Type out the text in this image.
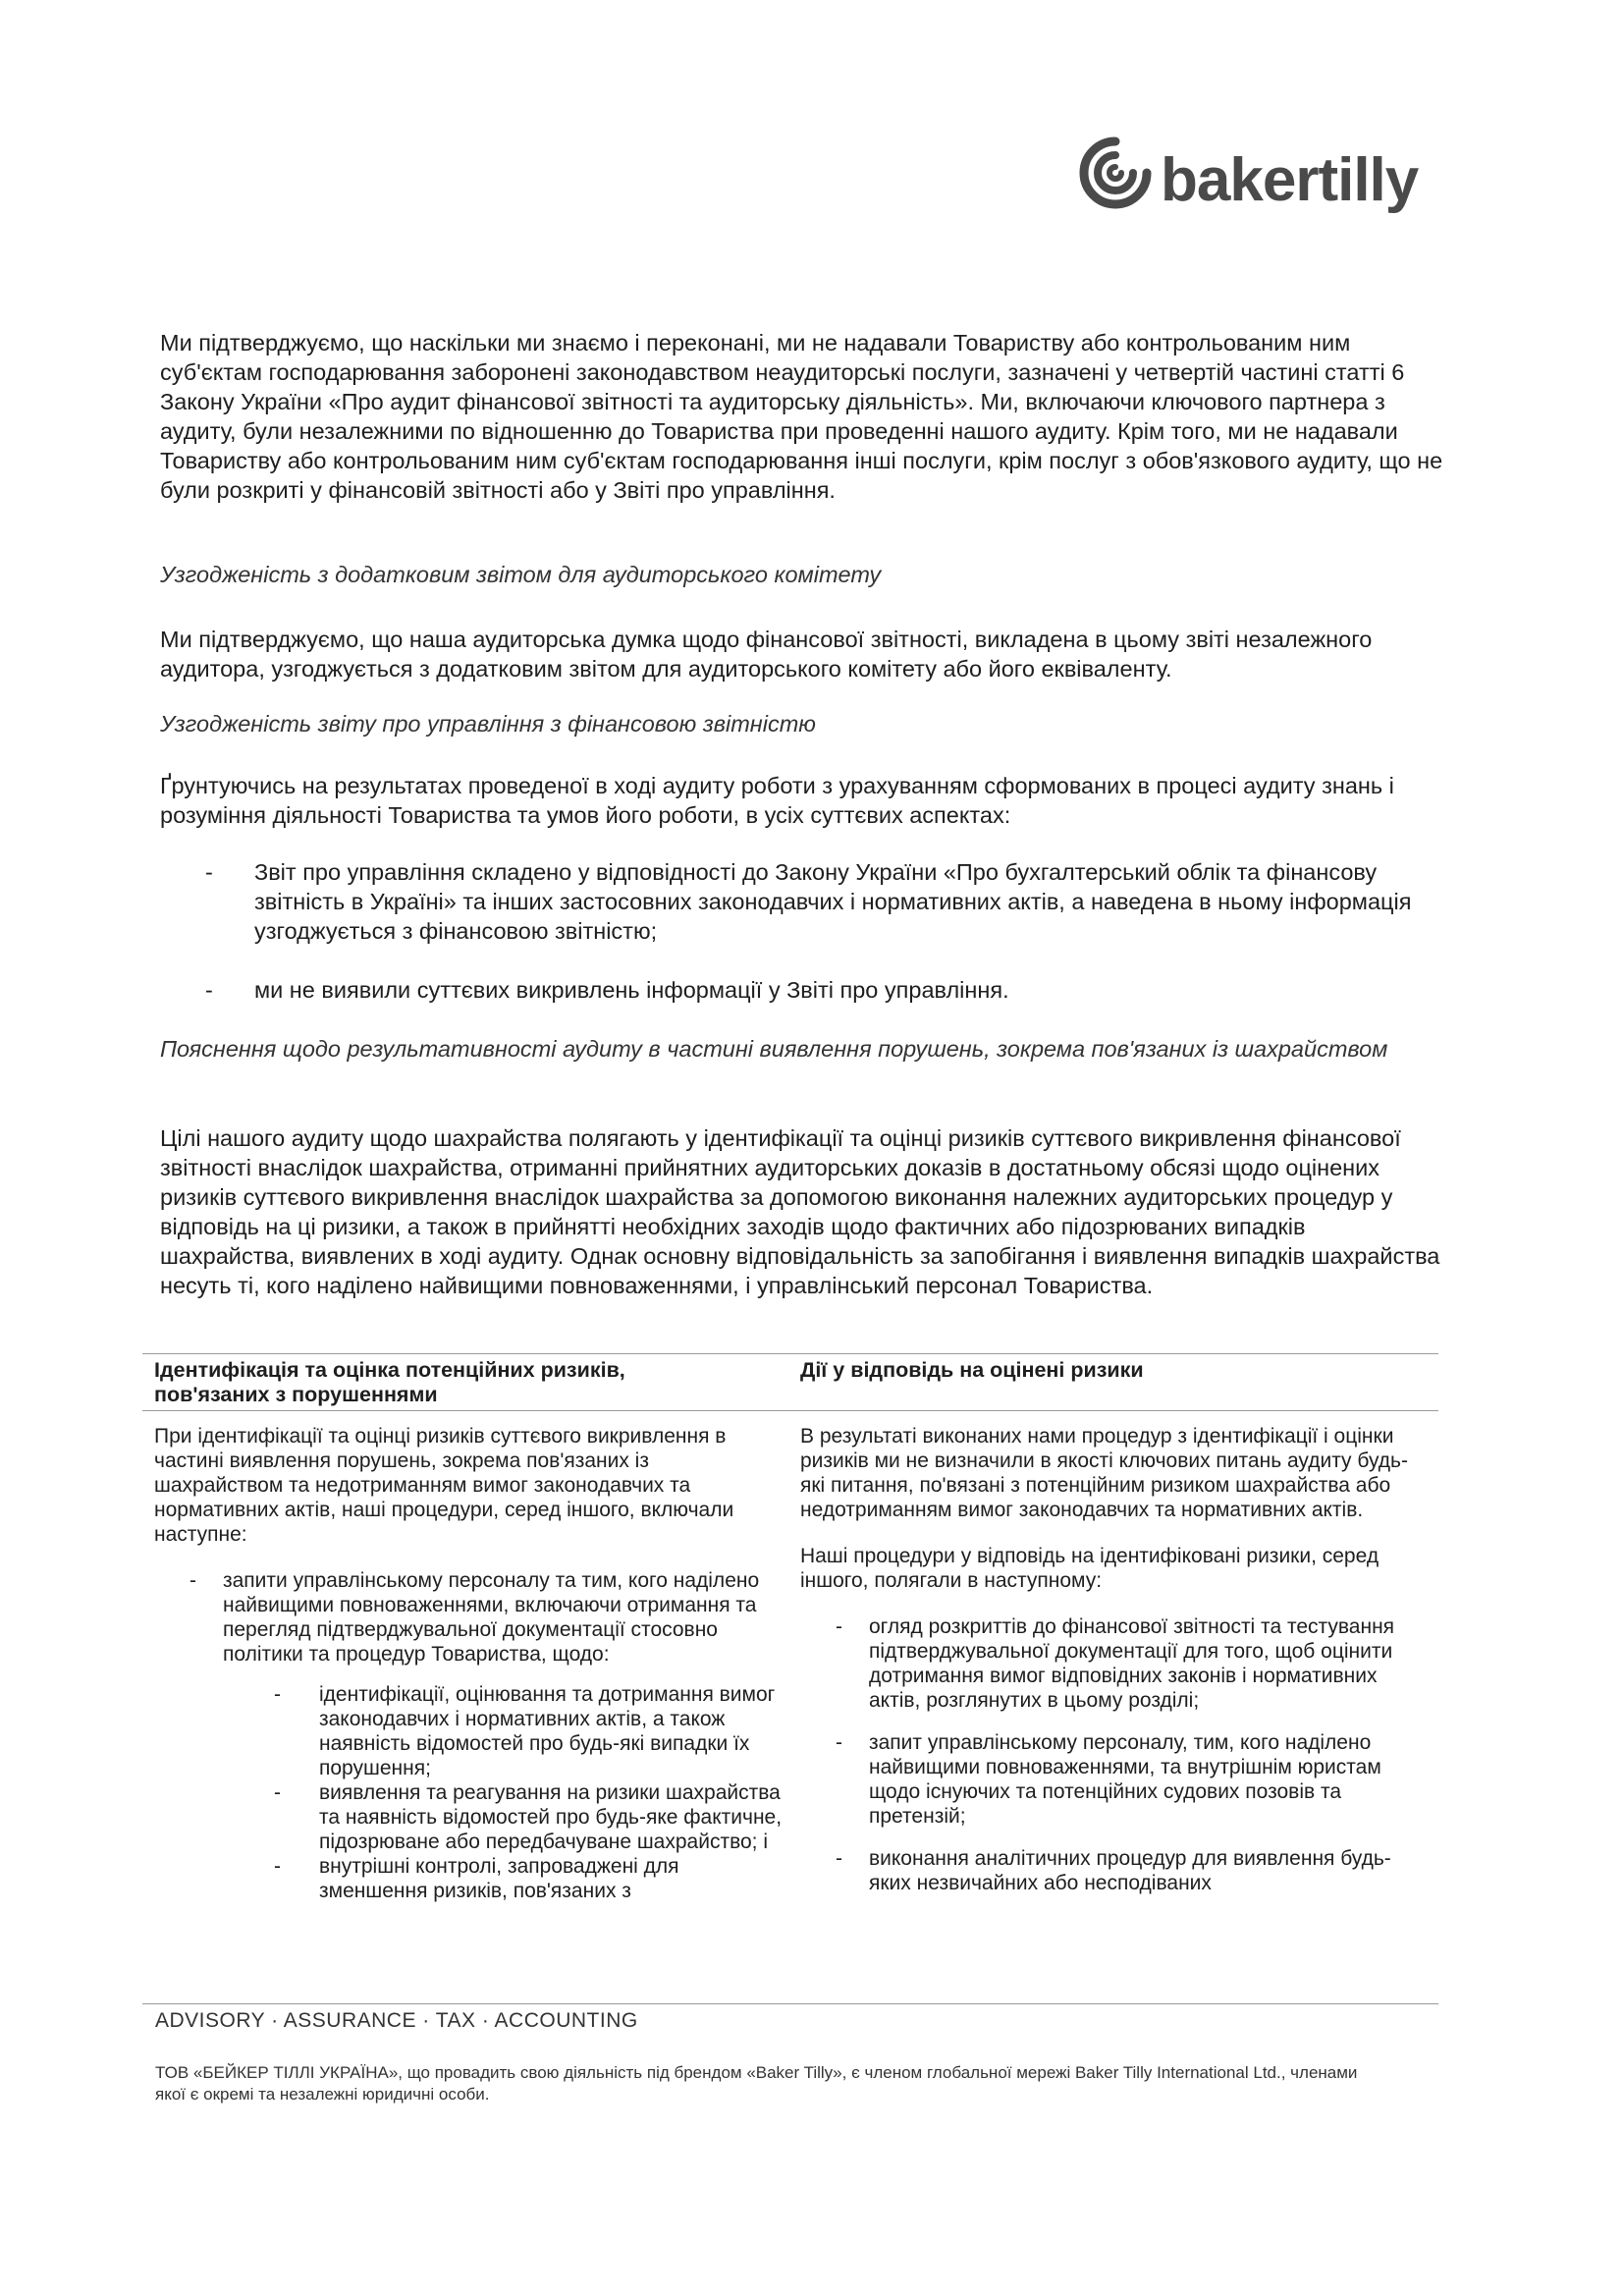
bakertilly
Ми підтверджуємо, що наскільки ми знаємо і переконані, ми не надавали Товариству або контрольованим ним суб'єктам господарювання заборонені законодавством неаудиторські послуги, зазначені у четвертій частині статті 6 Закону України «Про аудит фінансової звітності та аудиторську діяльність». Ми, включаючи ключового партнера з аудиту, були незалежними по відношенню до Товариства при проведенні нашого аудиту. Крім того, ми не надавали Товариству або контрольованим ним суб'єктам господарювання інші послуги, крім послуг з обов'язкового аудиту, що не були розкриті у фінансовій звітності або у Звіті про управління.
Узгодженість з додатковим звітом для аудиторського комітету
Ми підтверджуємо, що наша аудиторська думка щодо фінансової звітності, викладена в цьому звіті незалежного аудитора, узгоджується з додатковим звітом для аудиторського комітету або його еквіваленту.
Узгодженість звіту про управління з фінансовою звітністю
Ґрунтуючись на результатах проведеної в ході аудиту роботи з урахуванням сформованих в процесі аудиту знань і розуміння діяльності Товариства та умов його роботи, в усіх суттєвих аспектах:
- Звіт про управління складено у відповідності до Закону України «Про бухгалтерський облік та фінансову звітність в Україні» та інших застосовних законодавчих і нормативних актів, а наведена в ньому інформація узгоджується з фінансовою звітністю;
- ми не виявили суттєвих викривлень інформації у Звіті про управління.
Пояснення щодо результативності аудиту в частині виявлення порушень, зокрема пов'язаних із шахрайством
Цілі нашого аудиту щодо шахрайства полягають у ідентифікації та оцінці ризиків суттєвого викривлення фінансової звітності внаслідок шахрайства, отриманні прийнятних аудиторських доказів в достатньому обсязі щодо оцінених ризиків суттєвого викривлення внаслідок шахрайства за допомогою виконання належних аудиторських процедур у відповідь на ці ризики, а також в прийнятті необхідних заходів щодо фактичних або підозрюваних випадків шахрайства, виявлених в ході аудиту. Однак основну відповідальність за запобігання і виявлення випадків шахрайства несуть ті, кого наділено найвищими повноваженнями, і управлінський персонал Товариства.
Ідентифікація та оцінка потенційних ризиків, пов'язаних з порушеннями
Дії у відповідь на оцінені ризики

При ідентифікації та оцінці ризиків суттєвого викривлення в частині виявлення порушень, зокрема пов'язаних із шахрайством та недотриманням вимог законодавчих та нормативних актів, наші процедури, серед іншого, включали наступне:

- запити управлінському персоналу та тим, кого наділено найвищими повноваженнями, включаючи отримання та перегляд підтверджувальної документації стосовно політики та процедур Товариства, щодо:
- ідентифікації, оцінювання та дотримання вимог законодавчих і нормативних актів, а також наявність відомостей про будь-які випадки їх порушення;
- виявлення та реагування на ризики шахрайства та наявність відомостей про будь-яке фактичне, підозрюване або передбачуване шахрайство; і
- внутрішні контролі, запроваджені для зменшення ризиків, пов'язаних з

В результаті виконаних нами процедур з ідентифікації і оцінки ризиків ми не визначили в якості ключових питань аудиту будь-які питання, по'вязані з потенційним ризиком шахрайства або недотриманням вимог законодавчих та нормативних актів.

Наші процедури у відповідь на ідентифіковані ризики, серед іншого, полягали в наступному:

- огляд розкриттів до фінансової звітності та тестування підтверджувальної документації для того, щоб оцінити дотримання вимог відповідних законів і нормативних актів, розглянутих в цьому розділі;
- запит управлінському персоналу, тим, кого наділено найвищими повноваженнями, та внутрішнім юристам щодо існуючих та потенційних судових позовів та претензій;
- виконання аналітичних процедур для виявлення будь-яких незвичайних або несподіваних
ADVISORY · ASSURANCE · TAX · ACCOUNTING
ТОВ «БЕЙКЕР ТІЛЛІ УКРАЇНА», що провадить свою діяльність під брендом «Baker Tilly», є членом глобальної мережі Baker Tilly International Ltd., членами якої є окремі та незалежні юридичні особи.
